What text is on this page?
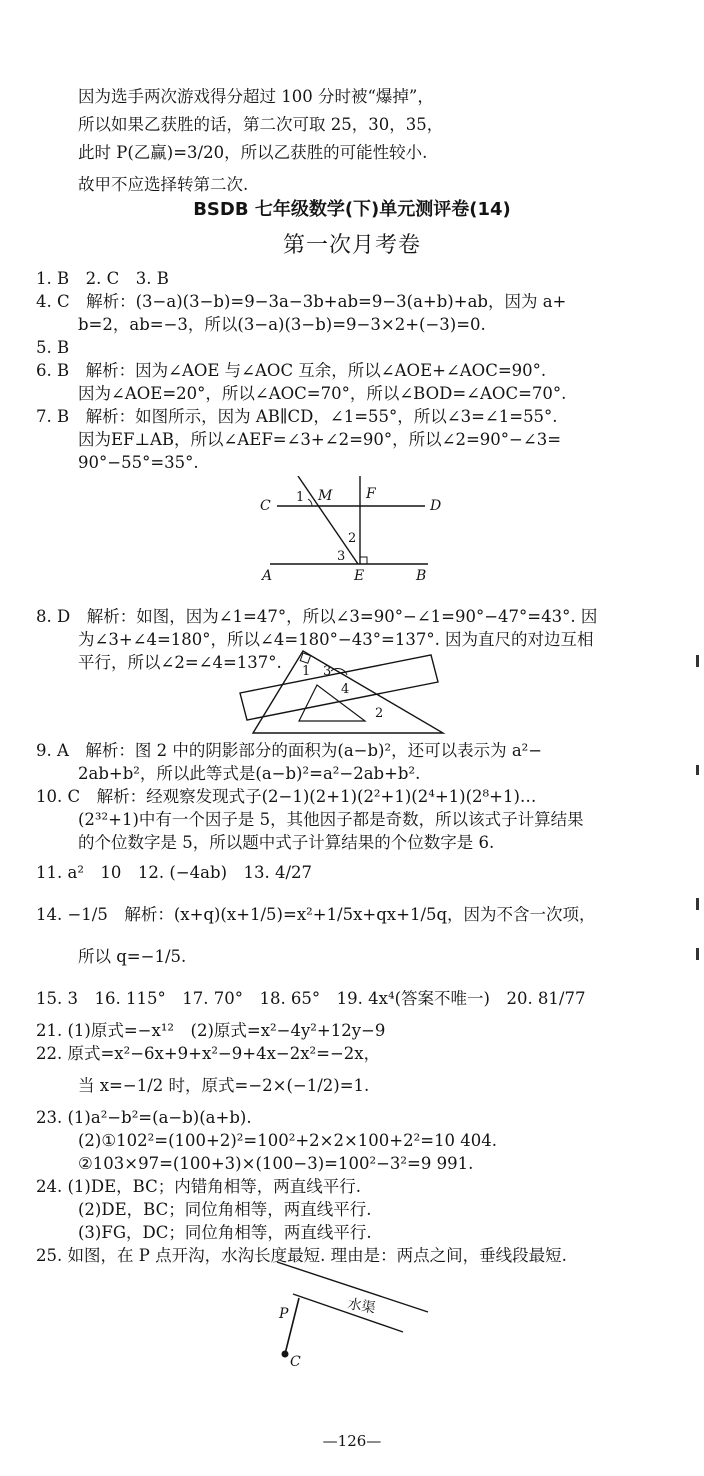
因为选手两次游戏得分超过 100 分时被“爆掉”，
所以如果乙获胜的话，第二次可取 25，30，35，
此时 P(乙赢)=3/20，所以乙获胜的可能性较小.
故甲不应选择转第二次.
BSDB 七年级数学(下)单元测评卷(14)
第一次月考卷
1. B　2. C　3. B
4. C　解析：(3−a)(3−b)=9−3a−3b+ab=9−3(a+b)+ab，因为 a+
b=2，ab=−3，所以(3−a)(3−b)=9−3×2+(−3)=0.
5. B
6. B　解析：因为∠AOE 与∠AOC 互余，所以∠AOE+∠AOC=90°.
因为∠AOE=20°，所以∠AOC=70°，所以∠BOD=∠AOC=70°.
7. B　解析：如图所示，因为 AB∥CD，∠1=55°，所以∠3=∠1=55°.
因为EF⊥AB，所以∠AEF=∠3+∠2=90°，所以∠2=90°−∠3=
90°−55°=35°.
C	D
M F
1
2
3
A	E	B
8. D　解析：如图，因为∠1=47°，所以∠3=90°−∠1=90°−47°=43°. 因
为∠3+∠4=180°，所以∠4=180°−43°=137°. 因为直尺的对边互相
平行，所以∠2=∠4=137°. 1 3
4
2
9. A　解析：图 2 中的阴影部分的面积为(a−b)²，还可以表示为 a²−
2ab+b²，所以此等式是(a−b)²=a²−2ab+b².
10. C　解析：经观察发现式子(2−1)(2+1)(2²+1)(2⁴+1)(2⁸+1)…
(2³²+1)中有一个因子是 5，其他因子都是奇数，所以该式子计算结果
的个位数字是 5，所以题中式子计算结果的个位数字是 6.
11. a²　10　12. (−4ab)　13. 4/27
14. −1/5　解析：(x+q)(x+1/5)=x²+1/5x+qx+1/5q，因为不含一次项，
所以 q=−1/5.
15. 3　16. 115°　17. 70°　18. 65°　19. 4x⁴(答案不唯一)　20. 81/77
21. (1)原式=−x¹²　(2)原式=x²−4y²+12y−9
22. 原式=x²−6x+9+x²−9+4x−2x²=−2x，
当 x=−1/2 时，原式=−2×(−1/2)=1.
23. (1)a²−b²=(a−b)(a+b).
(2)①102²=(100+2)²=100²+2×2×100+2²=10 404.
②103×97=(100+3)×(100−3)=100²−3²=9 991.
24. (1)DE，BC；内错角相等，两直线平行.
(2)DE，BC；同位角相等，两直线平行.
(3)FG，DC；同位角相等，两直线平行.
25. 如图，在 P 点开沟，水沟长度最短. 理由是：两点之间，垂线段最短.
P
C
水渠
—126—
